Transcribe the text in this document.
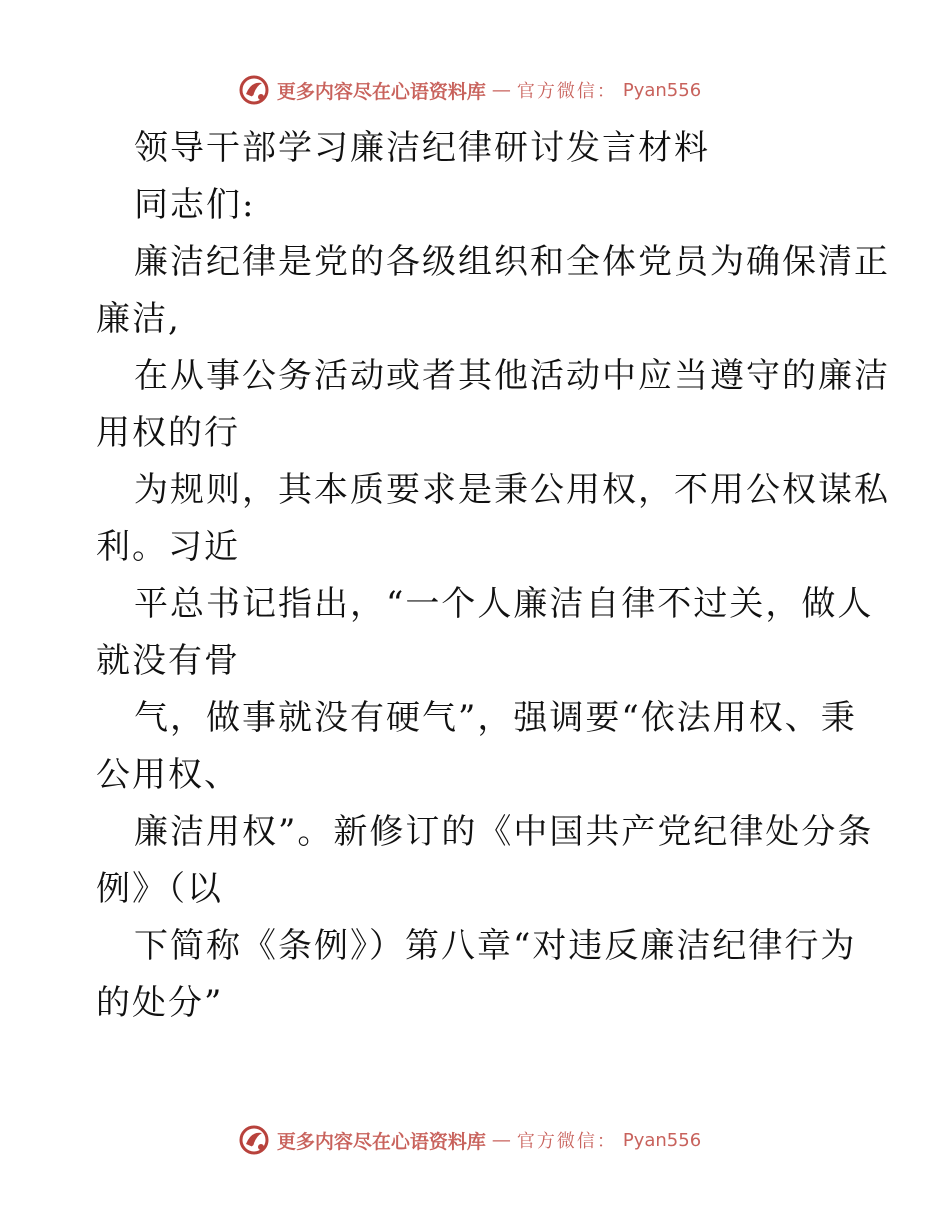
更多内容尽在心语资料库 — 官方微信： Pyan556
领导干部学习廉洁纪律研讨发言材料
同志们:
廉洁纪律是党的各级组织和全体党员为确保清正
廉洁,
在从事公务活动或者其他活动中应当遵守的廉洁
用权的行
为规则，其本质要求是秉公用权，不用公权谋私
利。习近
平总书记指出，“一个人廉洁自律不过关，做人
就没有骨
气，做事就没有硬气”，强调要“依法用权、秉
公用权、
廉洁用权”。新修订的《中国共产党纪律处分条
例》（以
下简称《条例》）第八章“对违反廉洁纪律行为
的处分”
更多内容尽在心语资料库 — 官方微信： Pyan556
